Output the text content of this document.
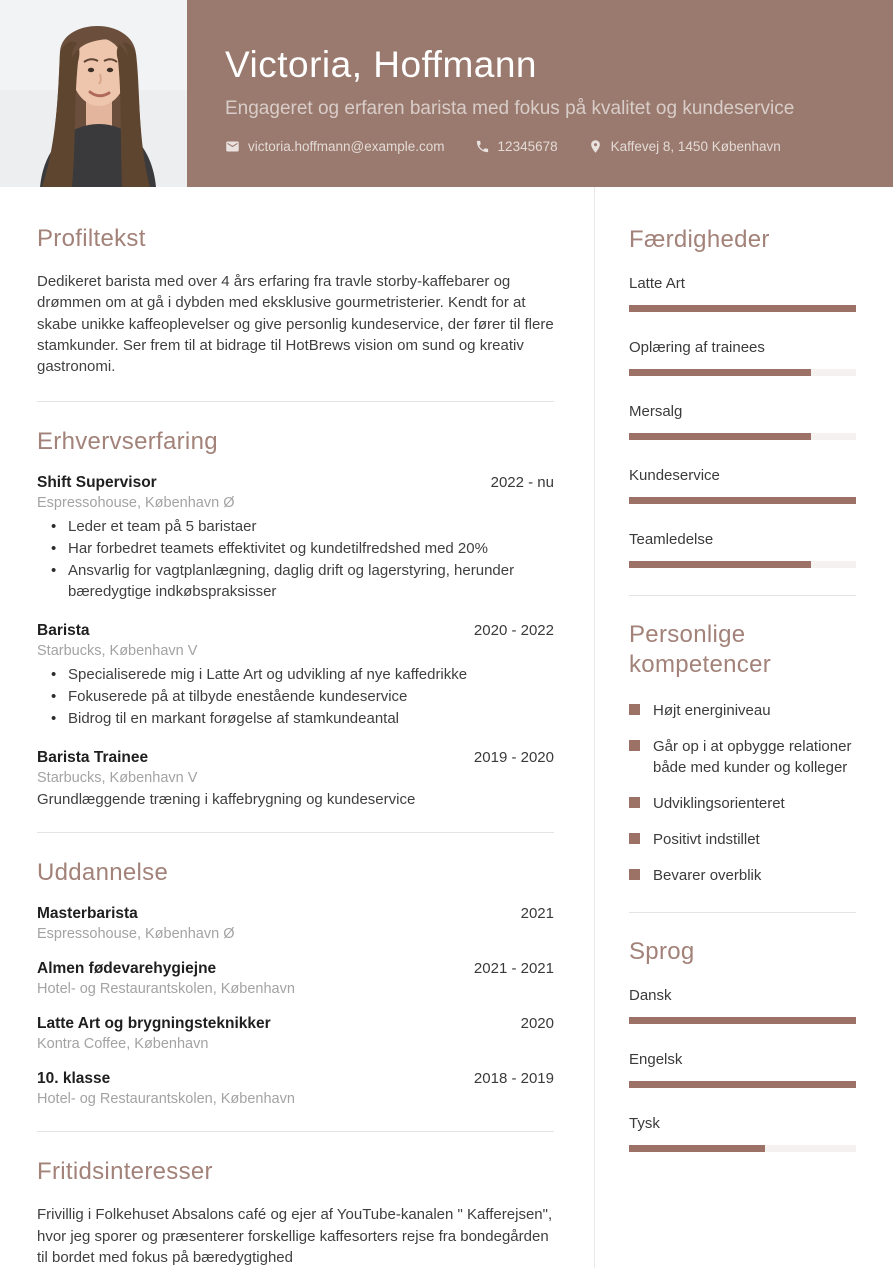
Victoria, Hoffmann
Engageret og erfaren barista med fokus på kvalitet og kundeservice
victoria.hoffmann@example.com	12345678	Kaffevej 8, 1450 København
Profiltekst

Dedikeret barista med over 4 års erfaring fra travle storby-kaffebarer og drømmen om at gå i dybden med eksklusive gourmetristerier. Kendt for at skabe unikke kaffeoplevelser og give personlig kundeservice, der fører til flere stamkunder. Ser frem til at bidrage til HotBrews vision om sund og kreativ gastronomi.

Erhvervserfaring
Shift Supervisor	2022 - nu
Espressohouse, København Ø
• Leder et team på 5 baristaer
• Har forbedret teamets effektivitet og kundetilfredshed med 20%
• Ansvarlig for vagtplanlægning, daglig drift og lagerstyring, herunder bæredygtige indkøbspraksisser
Barista	2020 - 2022
Starbucks, København V
• Specialiserede mig i Latte Art og udvikling af nye kaffedrikke
• Fokuserede på at tilbyde enestående kundeservice
• Bidrog til en markant forøgelse af stamkundeantal
Barista Trainee	2019 - 2020
Starbucks, København V
Grundlæggende træning i kaffebrygning og kundeservice
Uddannelse
Masterbarista	2021
Espressohouse, København Ø
Almen fødevarehygiejne	2021 - 2021
Hotel- og Restaurantskolen, København
Latte Art og brygningsteknikker	2020
Kontra Coffee, København
10. klasse	2018 - 2019
Hotel- og Restaurantskolen, København
Fritidsinteresser

Frivillig i Folkehuset Absalons café og ejer af YouTube-kanalen " Kafferejsen", hvor jeg sporer og præsenterer forskellige kaffesorters rejse fra bondegården til bordet med fokus på bæredygtighed

Færdigheder
Latte Art
Oplæring af trainees
Mersalg
Kundeservice
Teamledelse
Personlige kompetencer
Højt energiniveau
Går op i at opbygge relationer både med kunder og kolleger
Udviklingsorienteret
Positivt indstillet
Bevarer overblik
Sprog
Dansk
Engelsk
Tysk
